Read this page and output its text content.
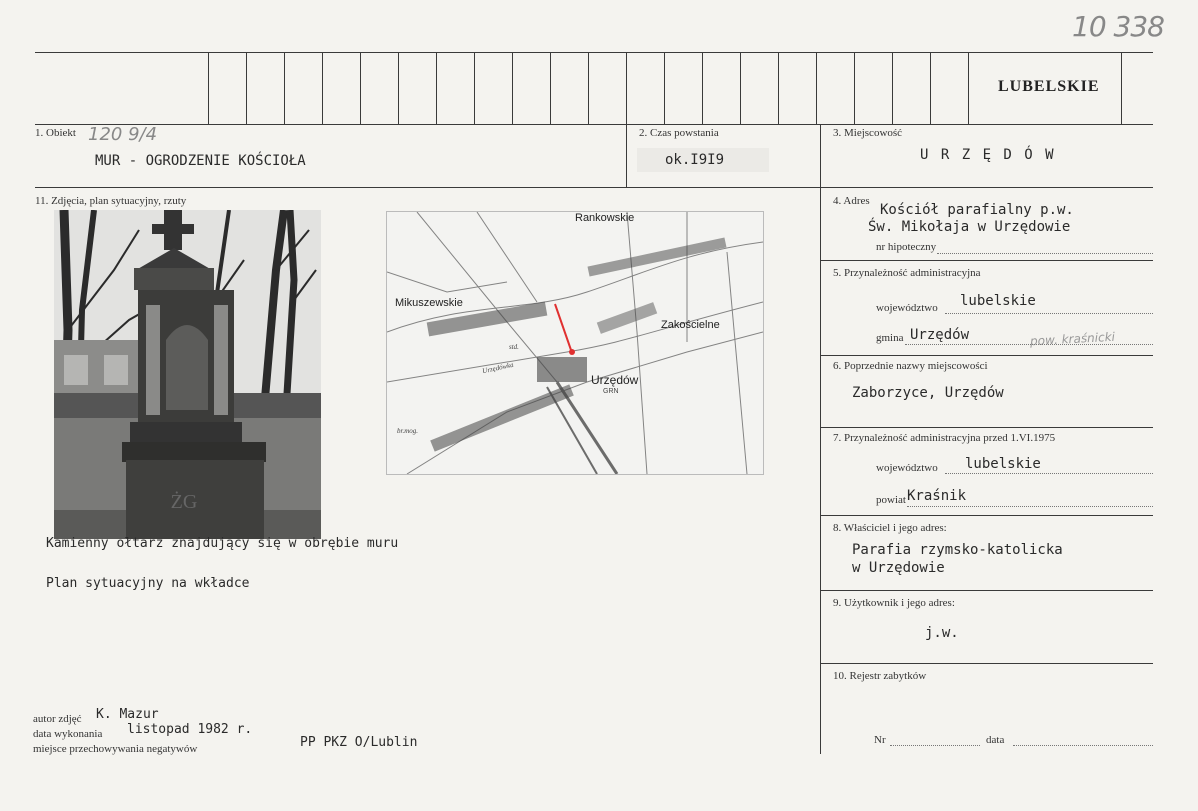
10 338
LUBELSKIE
1. Obiekt 120 9/4
MUR - OGRODZENIE KOŚCIOŁA
2. Czas powstania
ok.I9I9
3. Miejscowość
U R Z Ę D Ó W
11. Zdjęcia, plan sytuacyjny, rzuty
ŻG
Rankowskie
Mikuszewskie
Zakościelne
Urzędów
GRN
Urzędówka
std.
br.mog.
Kamienny ołtarz znajdujący się w obrębie muru
Plan sytuacyjny na wkładce
autor zdjęć K. Mazur
data wykonania listopad 1982 r.
miejsce przechowywania negatywów	PP PKZ O/Lublin
4. Adres
Kościół parafialny p.w.
Św. Mikołaja w Urzędowie
nr hipoteczny
5. Przynależność administracyjna
województwo lubelskie
gmina Urzędów	pow. kraśnicki
6. Poprzednie nazwy miejscowości
Zaborzyce, Urzędów
7. Przynależność administracyjna przed 1.VI.1975
województwo lubelskie
powiat Kraśnik
8. Właściciel i jego adres:
Parafia rzymsko-katolicka
w Urzędowie
9. Użytkownik i jego adres:
j.w.
10. Rejestr zabytków
Nr	data
